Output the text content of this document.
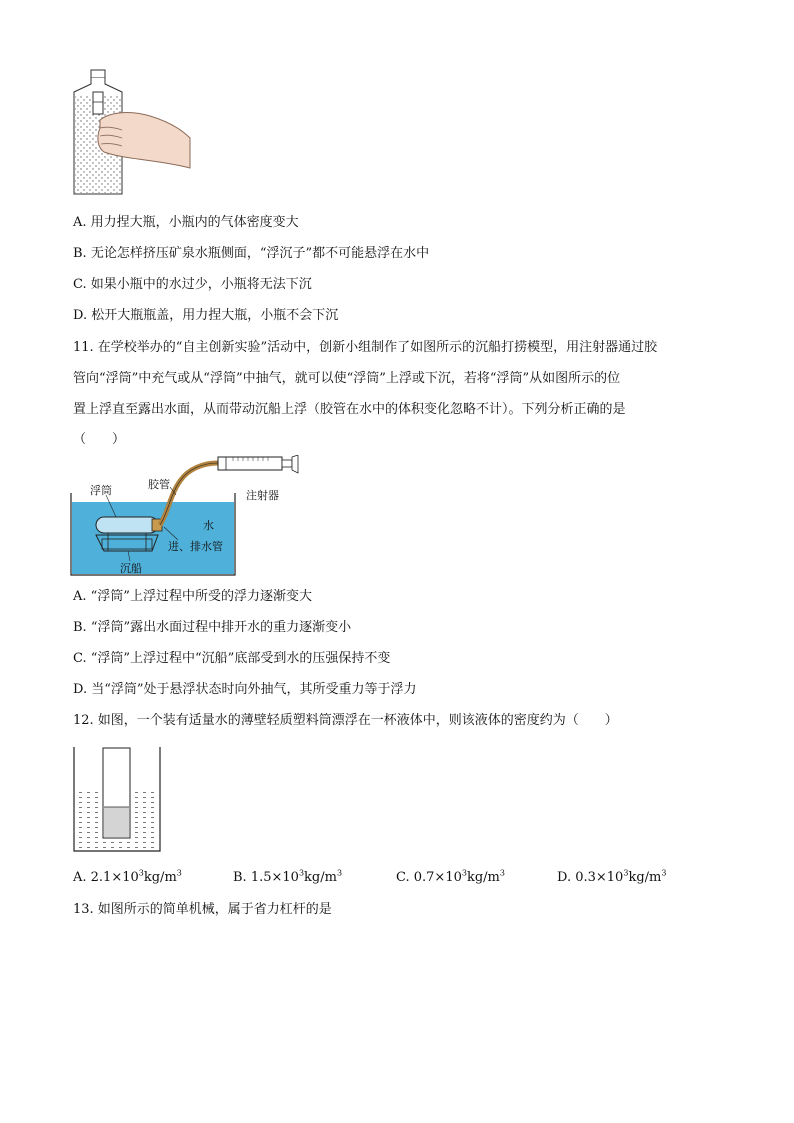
A. 用力捏大瓶，小瓶内的气体密度变大
B. 无论怎样挤压矿泉水瓶侧面，“浮沉子”都不可能悬浮在水中
C. 如果小瓶中的水过少，小瓶将无法下沉
D. 松开大瓶瓶盖，用力捏大瓶，小瓶不会下沉
11. 在学校举办的“自主创新实验”活动中，创新小组制作了如图所示的沉船打捞模型，用注射器通过胶
管向“浮筒”中充气或从“浮筒”中抽气，就可以使“浮筒”上浮或下沉，若将“浮筒”从如图所示的位
置上浮直至露出水面，从而带动沉船上浮（胶管在水中的体积变化忽略不计）。下列分析正确的是
（　　）
浮筒	胶管
注射器
水
进、排水管
沉船
A. “浮筒”上浮过程中所受的浮力逐渐变大
B. “浮筒”露出水面过程中排开水的重力逐渐变小
C. “浮筒”上浮过程中“沉船”底部受到水的压强保持不变
D. 当“浮筒”处于悬浮状态时向外抽气，其所受重力等于浮力
12. 如图，一个装有适量水的薄壁轻质塑料筒漂浮在一杯液体中，则该液体的密度约为（　　）
A. $2.1\times 10^3kg/m^3$	B. $1.5\times 10^3kg/m^3$	C. $0.7\times 10^3kg/m^3$	D. $0.3\times 10^3kg/m^3$
13. 如图所示的简单机械，属于省力杠杆的是
